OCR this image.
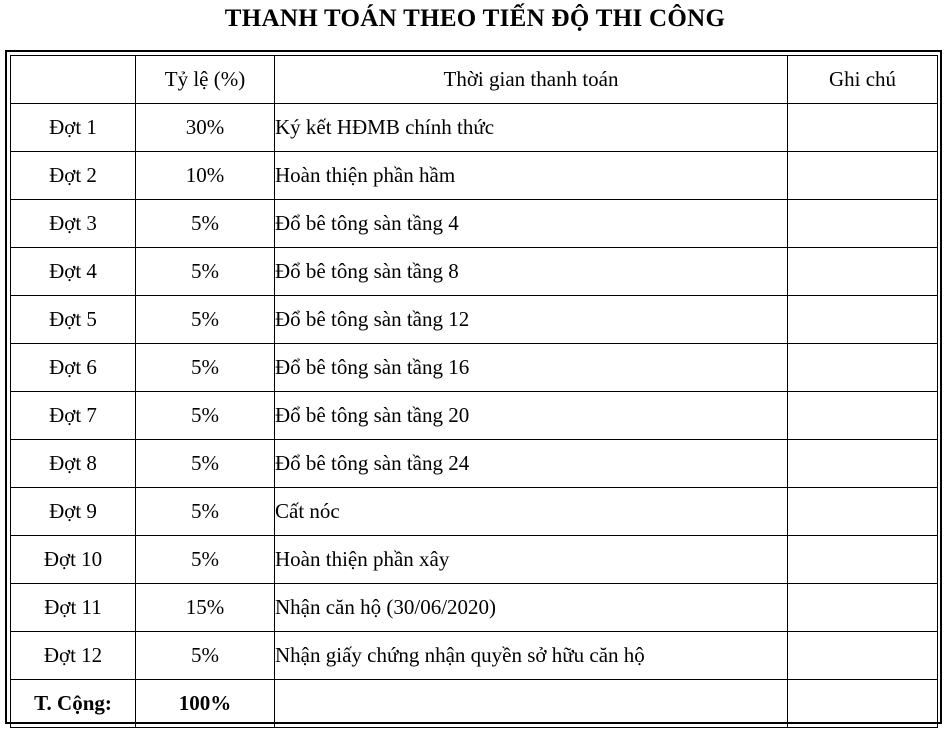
THANH TOÁN THEO TIẾN ĐỘ THI CÔNG
	Tỷ lệ (%)	Thời gian thanh toán	Ghi chú
Đợt 1	30%	Ký kết HĐMB chính thức	
Đợt 2	10%	Hoàn thiện phần hầm	
Đợt 3	5%	Đổ bê tông sàn tầng 4	
Đợt 4	5%	Đổ bê tông sàn tầng 8	
Đợt 5	5%	Đổ bê tông sàn tầng 12	
Đợt 6	5%	Đổ bê tông sàn tầng 16	
Đợt 7	5%	Đổ bê tông sàn tầng 20	
Đợt 8	5%	Đổ bê tông sàn tầng 24	
Đợt 9	5%	Cất nóc	
Đợt 10	5%	Hoàn thiện phần xây	
Đợt 11	15%	Nhận căn hộ (30/06/2020)	
Đợt 12	5%	Nhận giấy chứng nhận quyền sở hữu căn hộ	
T. Cộng:	100%		
